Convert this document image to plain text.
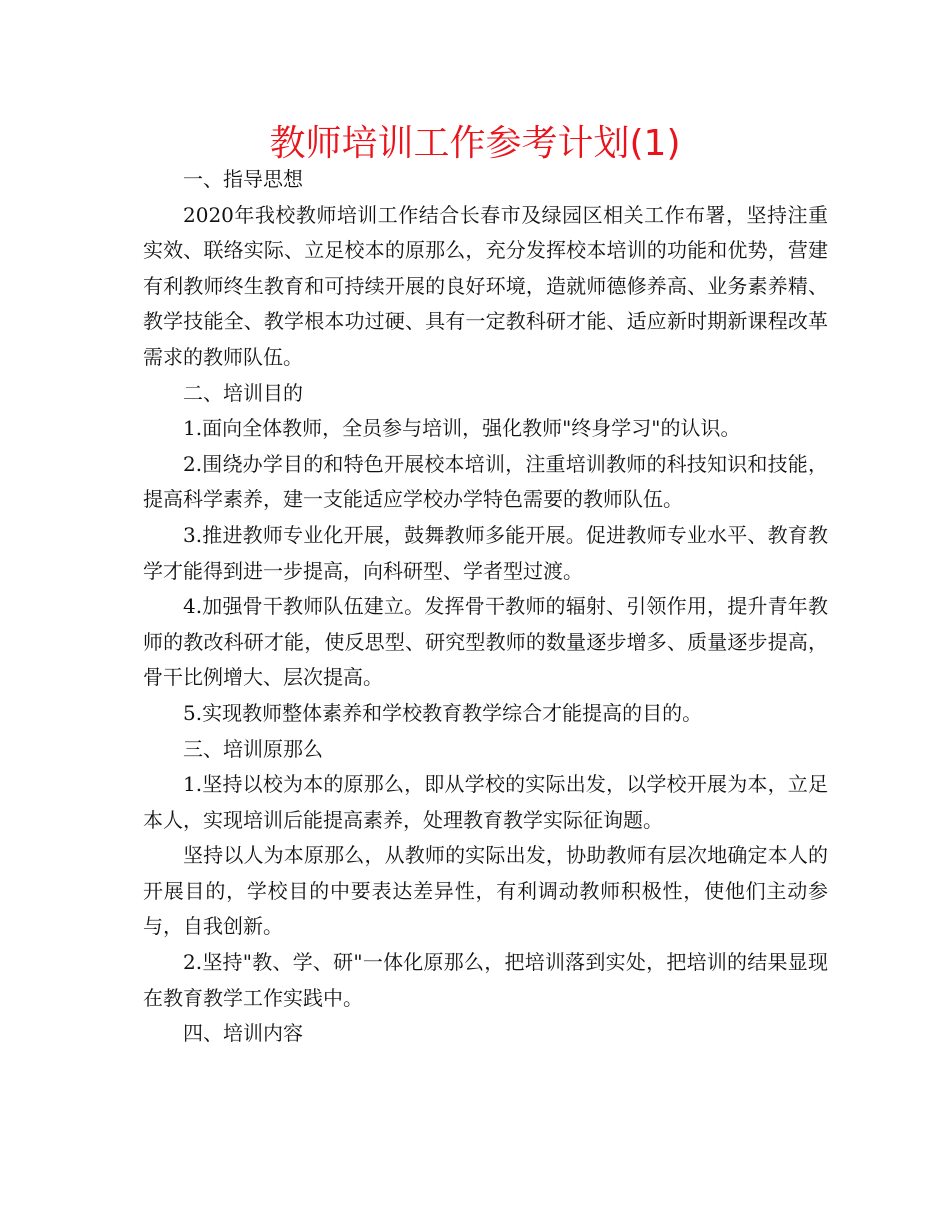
教师培训工作参考计划(1)

一、指导思想

2020年我校教师培训工作结合长春市及绿园区相关工作布署，坚持注重实效、联络实际、立足校本的原那么，充分发挥校本培训的功能和优势，营建有利教师终生教育和可持续开展的良好环境，造就师德修养高、业务素养精、教学技能全、教学根本功过硬、具有一定教科研才能、适应新时期新课程改革需求的教师队伍。

二、培训目的

1.面向全体教师，全员参与培训，强化教师"终身学习"的认识。

2.围绕办学目的和特色开展校本培训，注重培训教师的科技知识和技能，提高科学素养，建一支能适应学校办学特色需要的教师队伍。

3.推进教师专业化开展，鼓舞教师多能开展。促进教师专业水平、教育教学才能得到进一步提高，向科研型、学者型过渡。

4.加强骨干教师队伍建立。发挥骨干教师的辐射、引领作用，提升青年教师的教改科研才能，使反思型、研究型教师的数量逐步增多、质量逐步提高，骨干比例增大、层次提高。

5.实现教师整体素养和学校教育教学综合才能提高的目的。

三、培训原那么

1.坚持以校为本的原那么，即从学校的实际出发，以学校开展为本，立足本人，实现培训后能提高素养，处理教育教学实际征询题。

坚持以人为本原那么，从教师的实际出发，协助教师有层次地确定本人的开展目的，学校目的中要表达差异性，有利调动教师积极性，使他们主动参与，自我创新。

2.坚持"教、学、研"一体化原那么，把培训落到实处，把培训的结果显现在教育教学工作实践中。

四、培训内容
